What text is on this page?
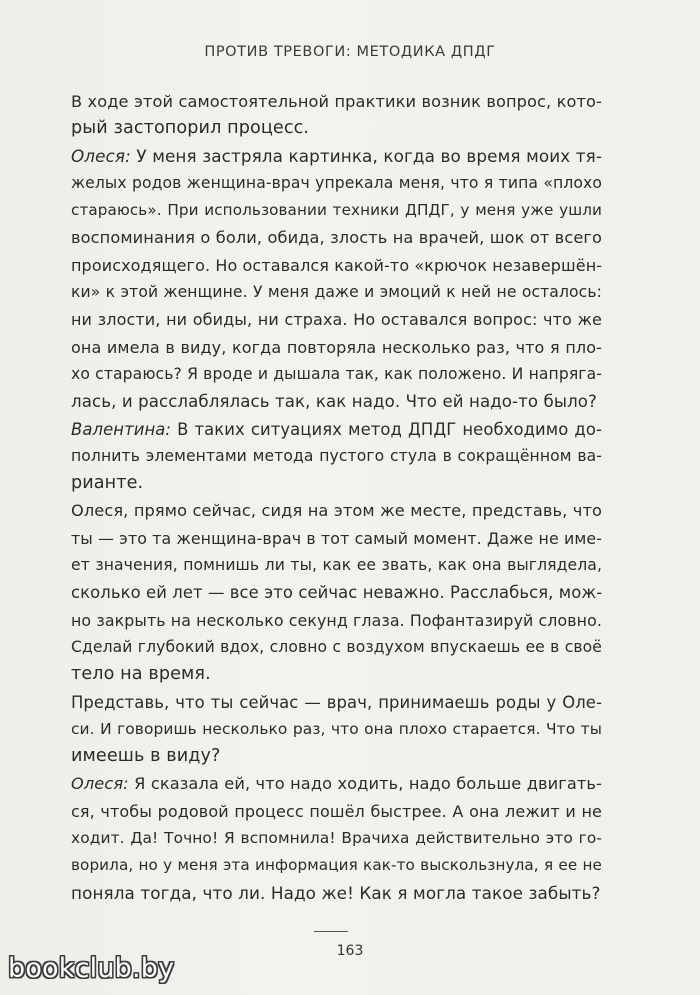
ПРОТИВ ТРЕВОГИ: МЕТОДИКА ДПДГ
В ходе этой самостоятельной практики возник вопрос, кото-
рый застопорил процесс.
Олеся: У меня застряла картинка, когда во время моих тя-
желых родов женщина-врач упрекала меня, что я типа «плохо
стараюсь». При использовании техники ДПДГ, у меня уже ушли
воспоминания о боли, обида, злость на врачей, шок от всего
происходящего. Но оставался какой-то «крючок незавершён-
ки» к этой женщине. У меня даже и эмоций к ней не осталось:
ни злости, ни обиды, ни страха. Но оставался вопрос: что же
она имела в виду, когда повторяла несколько раз, что я пло-
хо стараюсь? Я вроде и дышала так, как положено. И напряга-
лась, и расслаблялась так, как надо. Что ей надо-то было?
Валентина: В таких ситуациях метод ДПДГ необходимо до-
полнить элементами метода пустого стула в сокращённом ва-
рианте.
Олеся, прямо сейчас, сидя на этом же месте, представь, что
ты — это та женщина-врач в тот самый момент. Даже не име-
ет значения, помнишь ли ты, как ее звать, как она выглядела,
сколько ей лет — все это сейчас неважно. Расслабься, мож-
но закрыть на несколько секунд глаза. Пофантазируй словно.
Сделай глубокий вдох, словно с воздухом впускаешь ее в своё
тело на время.
Представь, что ты сейчас — врач, принимаешь роды у Оле-
си. И говоришь несколько раз, что она плохо старается. Что ты
имеешь в виду?
Олеся: Я сказала ей, что надо ходить, надо больше двигать-
ся, чтобы родовой процесс пошёл быстрее. А она лежит и не
ходит. Да! Точно! Я вспомнила! Врачиха действительно это го-
ворила, но у меня эта информация как-то выскользнула, я ее не
поняла тогда, что ли. Надо же! Как я могла такое забыть?
163
bookclub.by
